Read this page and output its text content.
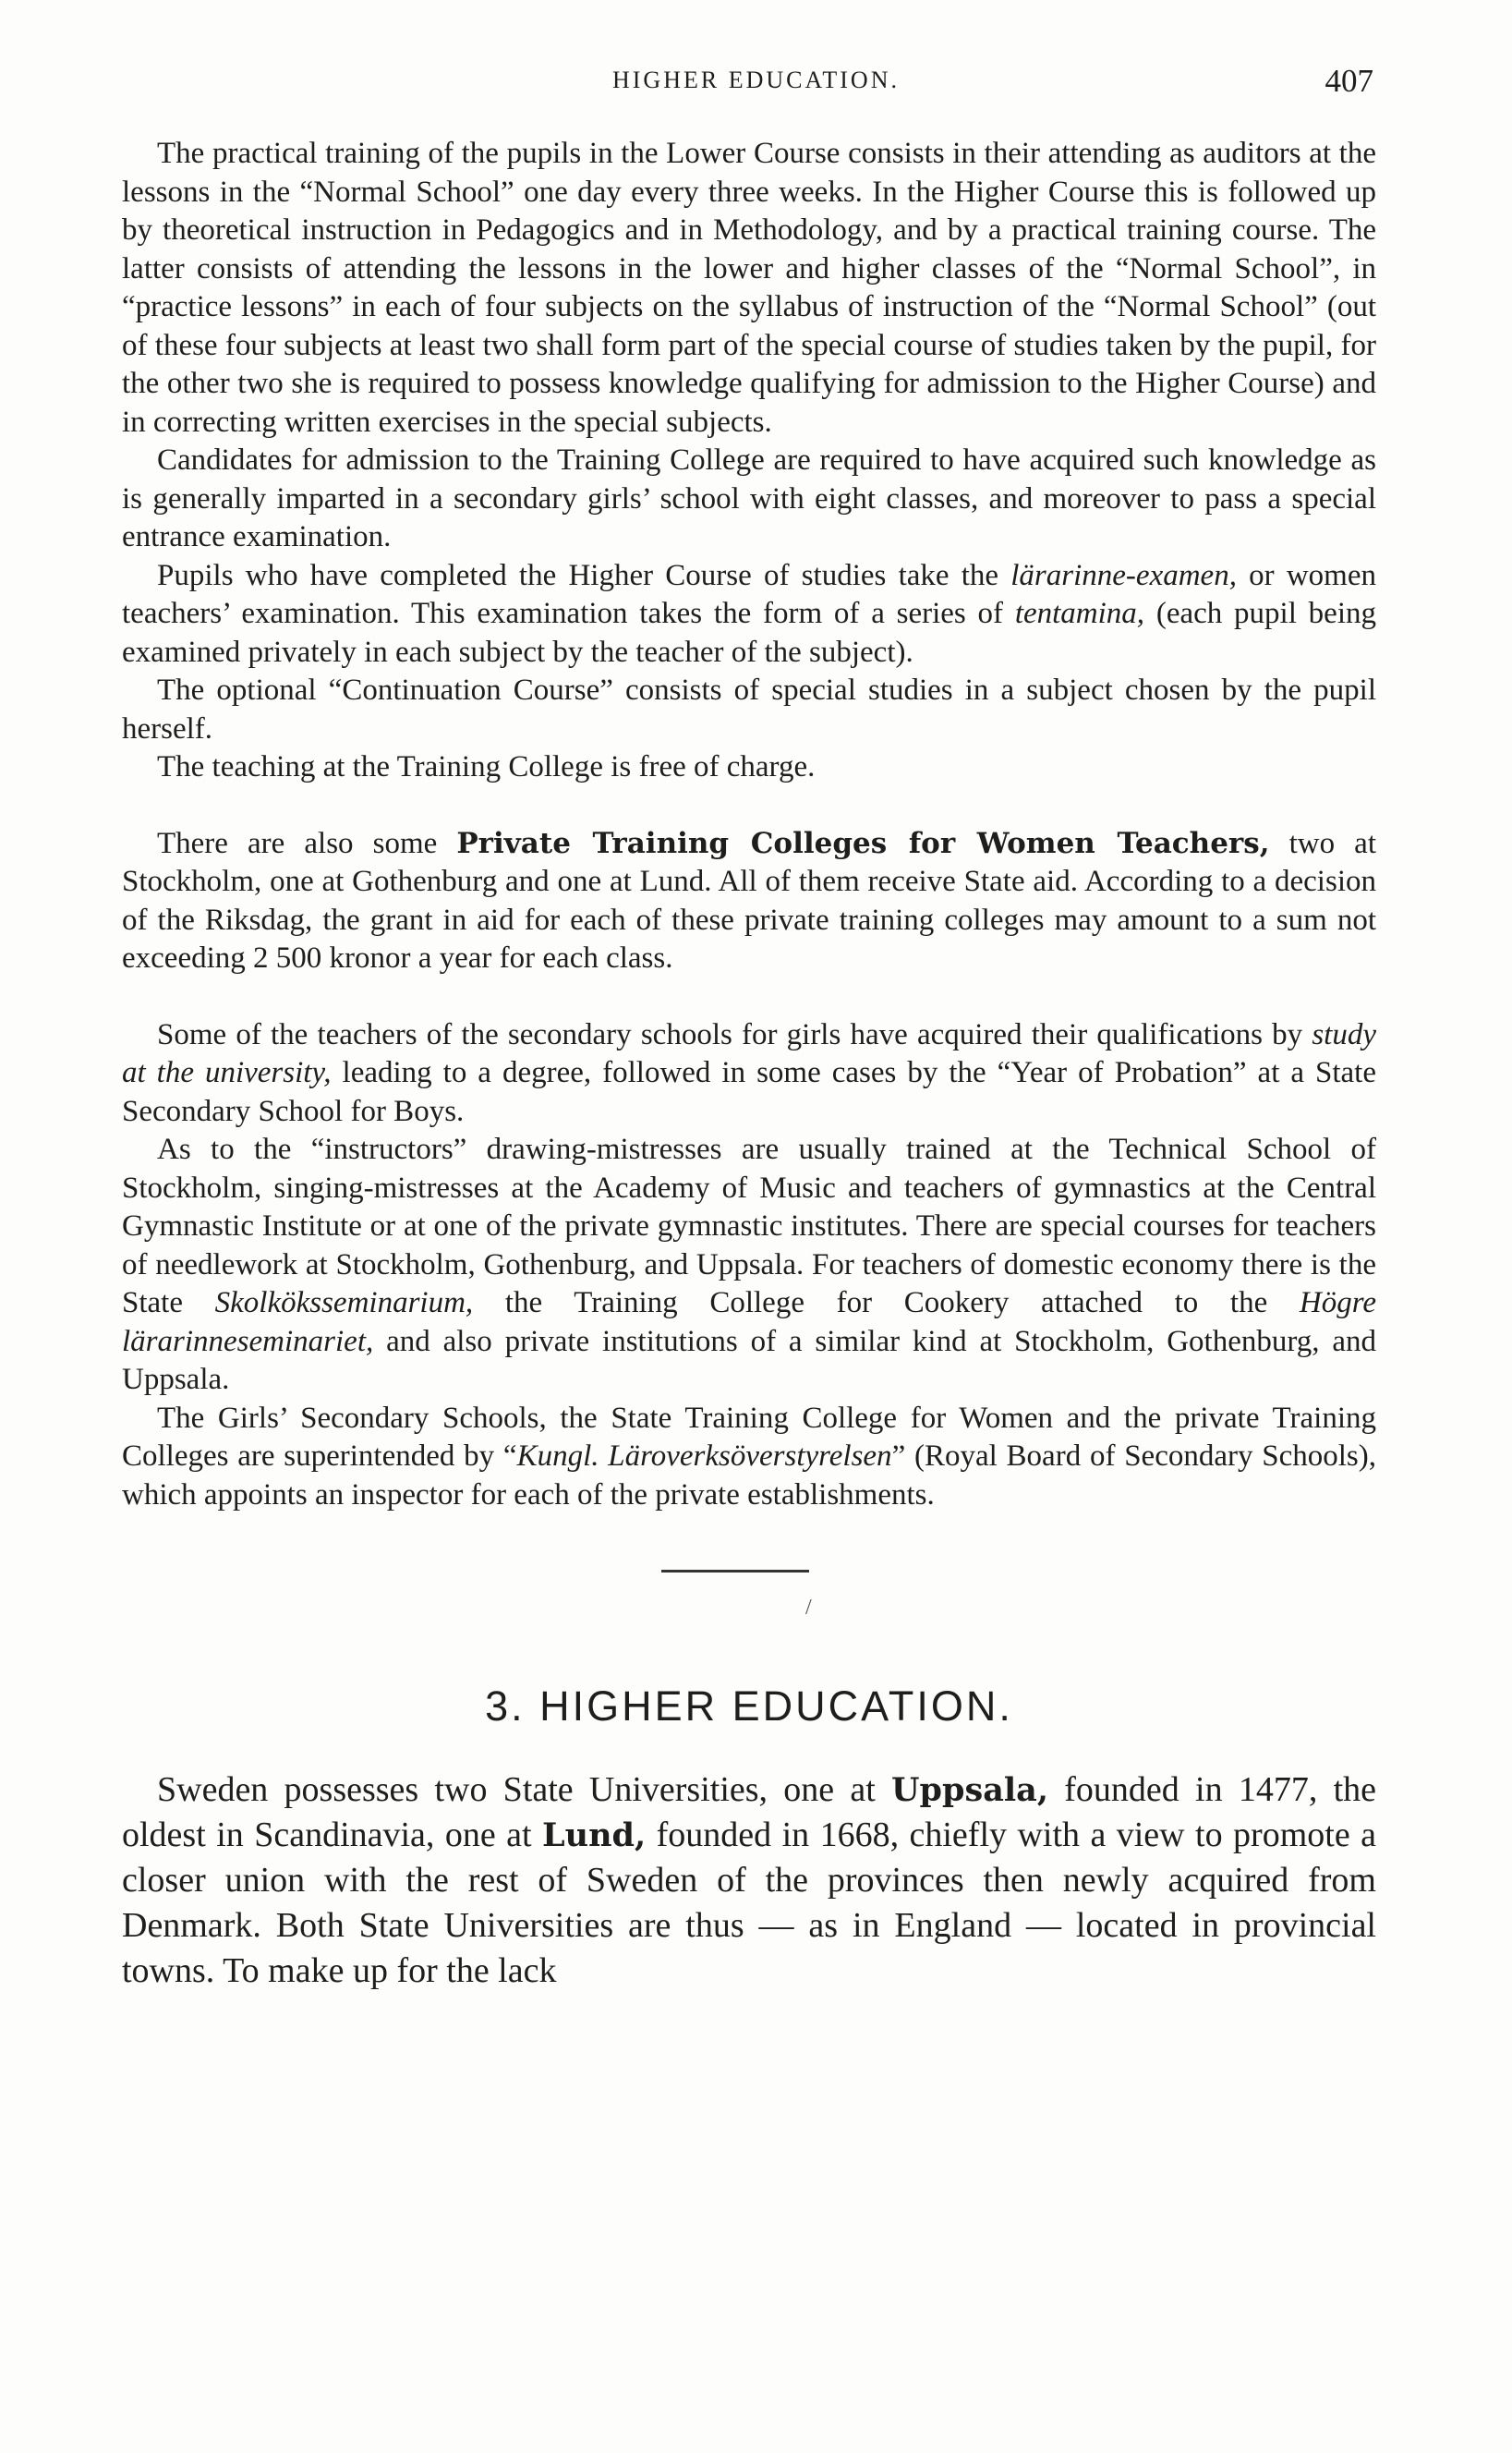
HIGHER EDUCATION.	407

The practical training of the pupils in the Lower Course consists in their attending as auditors at the lessons in the “Normal School” one day every three weeks. In the Higher Course this is followed up by theoretical instruction in Pedagogics and in Methodology, and by a practical training course. The latter consists of attending the lessons in the lower and higher classes of the “Normal School”, in “practice lessons” in each of four subjects on the syllabus of instruction of the “Normal School” (out of these four subjects at least two shall form part of the special course of studies taken by the pupil, for the other two she is required to possess knowledge qualifying for admission to the Higher Course) and in correcting written exercises in the special subjects.

Candidates for admission to the Training College are required to have acquired such knowledge as is generally imparted in a secondary girls’ school with eight classes, and moreover to pass a special entrance examination.

Pupils who have completed the Higher Course of studies take the lärarinne-examen, or women teachers’ examination. This examination takes the form of a series of tentamina, (each pupil being examined privately in each subject by the teacher of the subject).

The optional “Continuation Course” consists of special studies in a subject chosen by the pupil herself.

The teaching at the Training College is free of charge.

There are also some Private Training Colleges for Women Teachers, two at Stockholm, one at Gothenburg and one at Lund. All of them receive State aid. According to a decision of the Riksdag, the grant in aid for each of these private training colleges may amount to a sum not exceeding 2 500 kronor a year for each class.

Some of the teachers of the secondary schools for girls have acquired their qualifications by study at the university, leading to a degree, followed in some cases by the “Year of Probation” at a State Secondary School for Boys.

As to the “instructors” drawing-mistresses are usually trained at the Technical School of Stockholm, singing-mistresses at the Academy of Music and teachers of gymnastics at the Central Gymnastic Institute or at one of the private gymnastic institutes. There are special courses for teachers of needlework at Stockholm, Gothenburg, and Uppsala. For teachers of domestic economy there is the State Skolköksseminarium, the Training College for Cookery attached to the Högre lärarinneseminariet, and also private institutions of a similar kind at Stockholm, Gothenburg, and Uppsala.

The Girls’ Secondary Schools, the State Training College for Women and the private Training Colleges are superintended by “Kungl. Läroverksöverstyrelsen” (Royal Board of Secondary Schools), which appoints an inspector for each of the private establishments.

/
3. HIGHER EDUCATION.

Sweden possesses two State Universities, one at Uppsala, founded in 1477, the oldest in Scandinavia, one at Lund, founded in 1668, chiefly with a view to promote a closer union with the rest of Sweden of the provinces then newly acquired from Denmark. Both State Universities are thus — as in England — located in provincial towns. To make up for the lack
